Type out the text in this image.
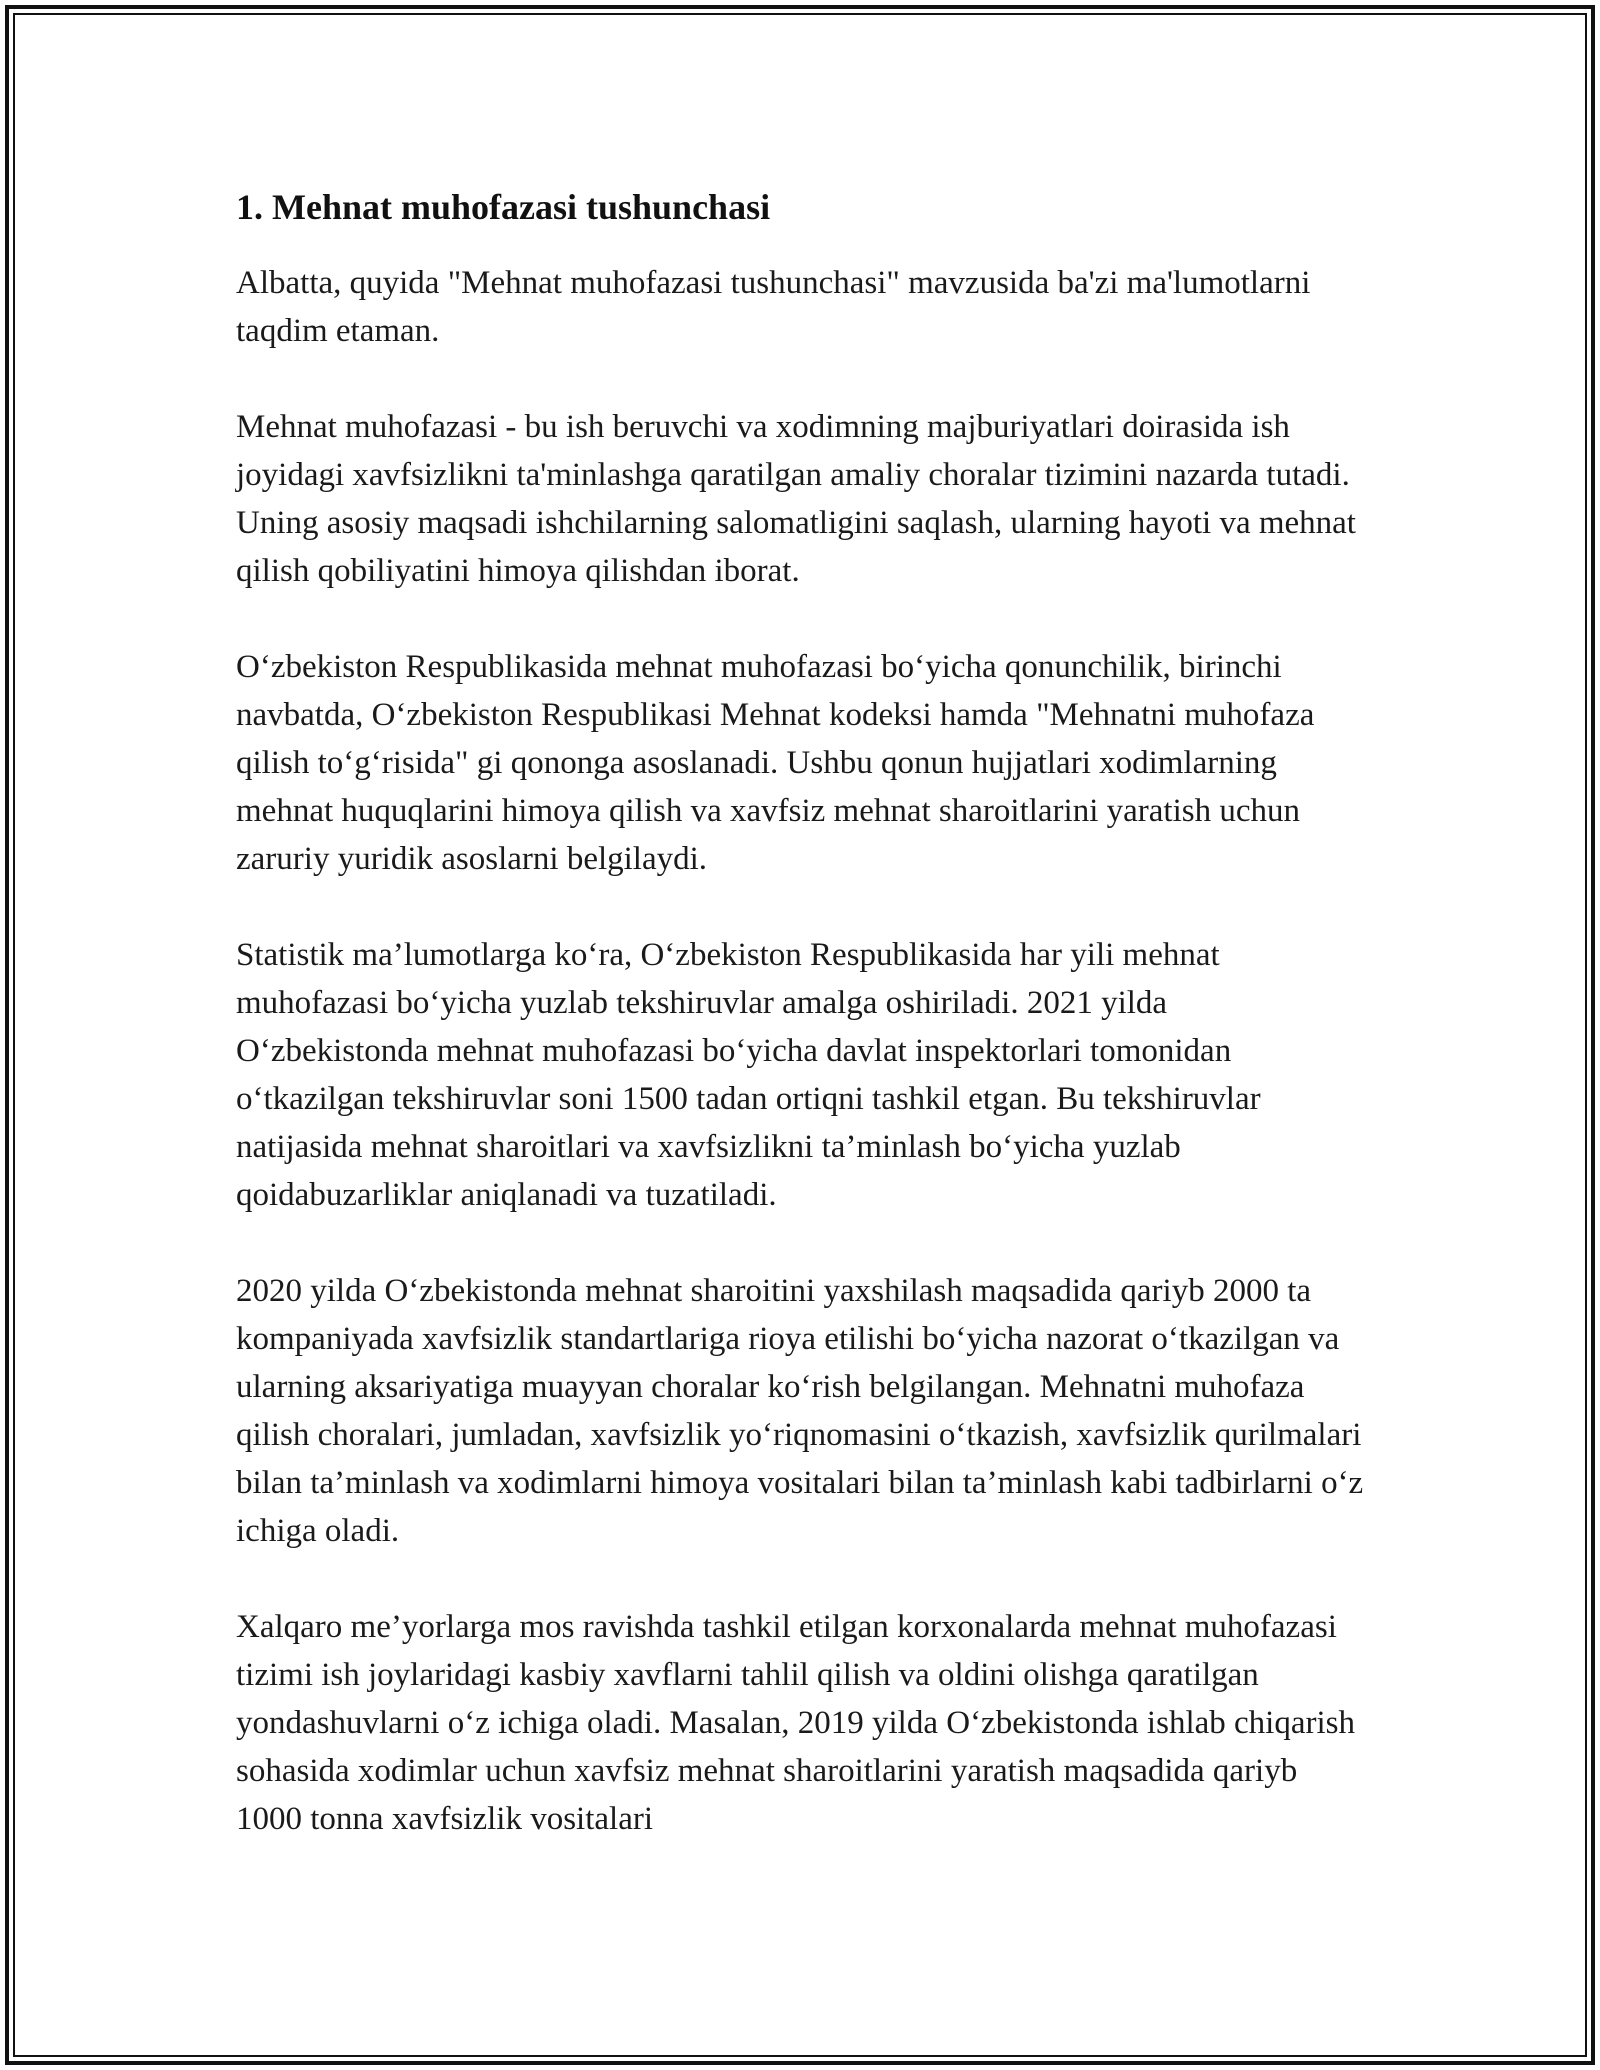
1. Mehnat muhofazasi tushunchasi

Albatta, quyida "Mehnat muhofazasi tushunchasi" mavzusida ba'zi ma'lumotlarni taqdim etaman.

Mehnat muhofazasi - bu ish beruvchi va xodimning majburiyatlari doirasida ish joyidagi xavfsizlikni ta'minlashga qaratilgan amaliy choralar tizimini nazarda tutadi. Uning asosiy maqsadi ishchilarning salomatligini saqlash, ularning hayoti va mehnat qilish qobiliyatini himoya qilishdan iborat.

O‘zbekiston Respublikasida mehnat muhofazasi bo‘yicha qonunchilik, birinchi navbatda, O‘zbekiston Respublikasi Mehnat kodeksi hamda "Mehnatni muhofaza qilish to‘g‘risida" gi qononga asoslanadi. Ushbu qonun hujjatlari xodimlarning mehnat huquqlarini himoya qilish va xavfsiz mehnat sharoitlarini yaratish uchun zaruriy yuridik asoslarni belgilaydi.

Statistik ma’lumotlarga ko‘ra, O‘zbekiston Respublikasida har yili mehnat muhofazasi bo‘yicha yuzlab tekshiruvlar amalga oshiriladi. 2021 yilda O‘zbekistonda mehnat muhofazasi bo‘yicha davlat inspektorlari tomonidan o‘tkazilgan tekshiruvlar soni 1500 tadan ortiqni tashkil etgan. Bu tekshiruvlar natijasida mehnat sharoitlari va xavfsizlikni ta’minlash bo‘yicha yuzlab qoidabuzarliklar aniqlanadi va tuzatiladi.

2020 yilda O‘zbekistonda mehnat sharoitini yaxshilash maqsadida qariyb 2000 ta kompaniyada xavfsizlik standartlariga rioya etilishi bo‘yicha nazorat o‘tkazilgan va ularning aksariyatiga muayyan choralar ko‘rish belgilangan. Mehnatni muhofaza qilish choralari, jumladan, xavfsizlik yo‘riqnomasini o‘tkazish, xavfsizlik qurilmalari bilan ta’minlash va xodimlarni himoya vositalari bilan ta’minlash kabi tadbirlarni o‘z ichiga oladi.

Xalqaro me’yorlarga mos ravishda tashkil etilgan korxonalarda mehnat muhofazasi tizimi ish joylaridagi kasbiy xavflarni tahlil qilish va oldini olishga qaratilgan yondashuvlarni o‘z ichiga oladi. Masalan, 2019 yilda O‘zbekistonda ishlab chiqarish sohasida xodimlar uchun xavfsiz mehnat sharoitlarini yaratish maqsadida qariyb 1000 tonna xavfsizlik vositalari
